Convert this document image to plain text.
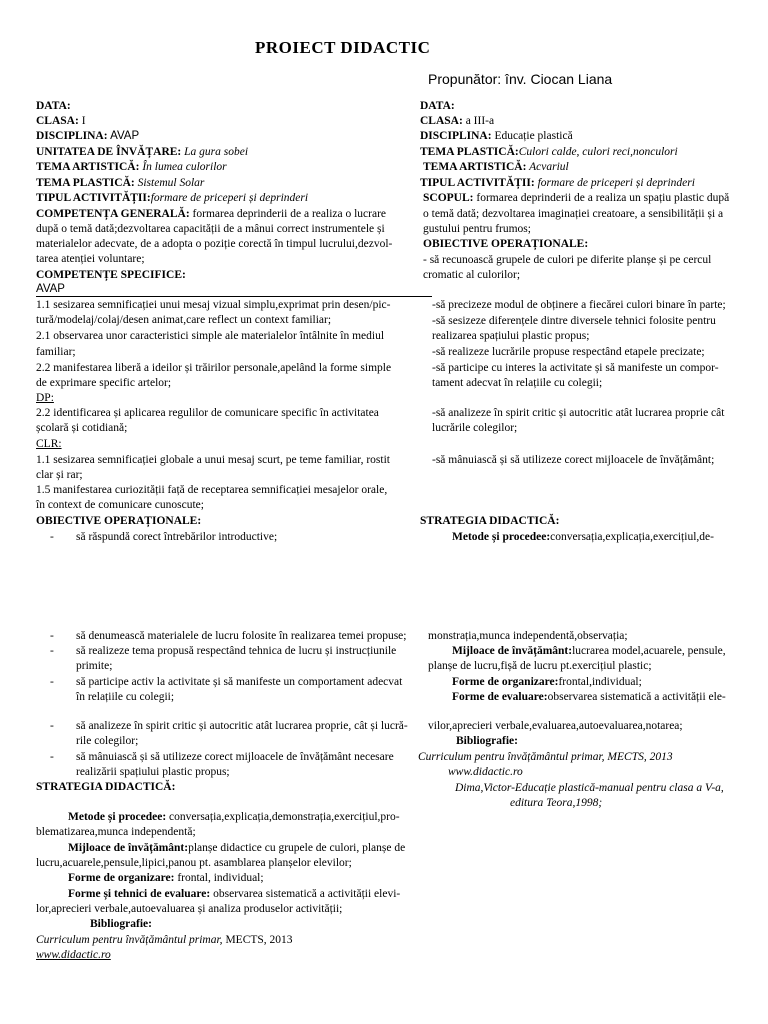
PROIECT DIDACTIC
Propunător: înv. Ciocan Liana
DATA:
CLASA: I
DISCIPLINA: AVAP
UNITATEA DE ÎNVĂȚARE: La gura sobei
TEMA ARTISTICĂ: În lumea culorilor
TEMA PLASTICĂ: Sistemul Solar
TIPUL ACTIVITĂȚII:formare de priceperi și deprinderi
COMPETENȚA GENERALĂ: formarea deprinderii de a realiza o lucrare
după o temă dată;dezvoltarea capacității de a mânui correct instrumentele și
materialelor adecvate, de a adopta o poziție corectă în timpul lucrului,dezvol-
tarea atenției voluntare;
COMPETENȚE SPECIFICE:
AVAP
1.1 sesizarea semnificației unui mesaj vizual simplu,exprimat prin desen/pic-
tură/modelaj/colaj/desen animat,care reflect un context familiar;
2.1 observarea unor caracteristici simple ale materialelor întâlnite în mediul
familiar;
2.2 manifestarea liberă a ideilor și trăirilor personale,apelând la forme simple
de exprimare specific artelor;
DP:
2.2 identificarea și aplicarea regulilor de comunicare specific în activitatea
școlară și cotidiană;
CLR:
1.1 sesizarea semnificației globale a unui mesaj scurt, pe teme familiar, rostit
clar și rar;
1.5 manifestarea curiozității față de receptarea semnificației mesajelor orale,
în context de comunicare cunoscute;
OBIECTIVE OPERAȚIONALE:
- să răspundă corect întrebărilor introductive;
- să denumească materialele de lucru folosite în realizarea temei propuse;
- să realizeze tema propusă respectând tehnica de lucru și instrucțiunile
primite;
- să participe activ la activitate și să manifeste un comportament adecvat
în relațiile cu colegii;
- să analizeze în spirit critic și autocritic atât lucrarea proprie, cât și lucră-
rile colegilor;
- să mânuiască și să utilizeze corect mijloacele de învățământ necesare
realizării spațiului plastic propus;
STRATEGIA DIDACTICĂ:
Metode și procedee: conversația,explicația,demonstrația,exercițiul,pro-
blematizarea,munca independentă;
Mijloace de învățământ:planșe didactice cu grupele de culori, planșe de
lucru,acuarele,pensule,lipici,panou pt. asamblarea planșelor elevilor;
Forme de organizare: frontal, individual;
Forme și tehnici de evaluare: observarea sistematică a activității elevi-
lor,aprecieri verbale,autoevaluarea și analiza produselor activității;
Bibliografie:
Curriculum pentru învățământul primar, MECTS, 2013
www.didactic.ro
DATA:
CLASA: a III-a
DISCIPLINA: Educație plastică
TEMA PLASTICĂ:Culori calde, culori reci,nonculori
TEMA ARTISTICĂ: Acvariul
TIPUL ACTIVITĂȚII: formare de priceperi și deprinderi
SCOPUL: formarea deprinderii de a realiza un spațiu plastic după
o temă dată; dezvoltarea imaginației creatoare, a sensibilității și a
gustului pentru frumos;
OBIECTIVE OPERAȚIONALE:
- să recunoască grupele de culori pe diferite planșe și pe cercul
cromatic al culorilor;
-să precizeze modul de obținere a fiecărei culori binare în parte;
-să sesizeze diferențele dintre diversele tehnici folosite pentru
realizarea spațiului plastic propus;
-să realizeze lucrările propuse respectând etapele precizate;
-să participe cu interes la activitate și să manifeste un compor-
tament adecvat în relațiile cu colegii;
-să analizeze în spirit critic și autocritic atât lucrarea proprie cât
lucrările colegilor;
-să mânuiască și să utilizeze corect mijloacele de învățământ;
STRATEGIA DIDACTICĂ:
Metode și procedee:conversația,explicația,exercițiul,de-
monstrația,munca independentă,observația;
Mijloace de învățământ:lucrarea model,acuarele, pensule,
planșe de lucru,fișă de lucru pt.exercițiul plastic;
Forme de organizare:frontal,individual;
Forme de evaluare:observarea sistematică a activității ele-
vilor,aprecieri verbale,evaluarea,autoevaluarea,notarea;
Bibliografie:
Curriculum pentru învățământul primar, MECTS, 2013
www.didactic.ro
Dima,Victor-Educație plastică-manual pentru clasa a V-a,
editura Teora,1998;
